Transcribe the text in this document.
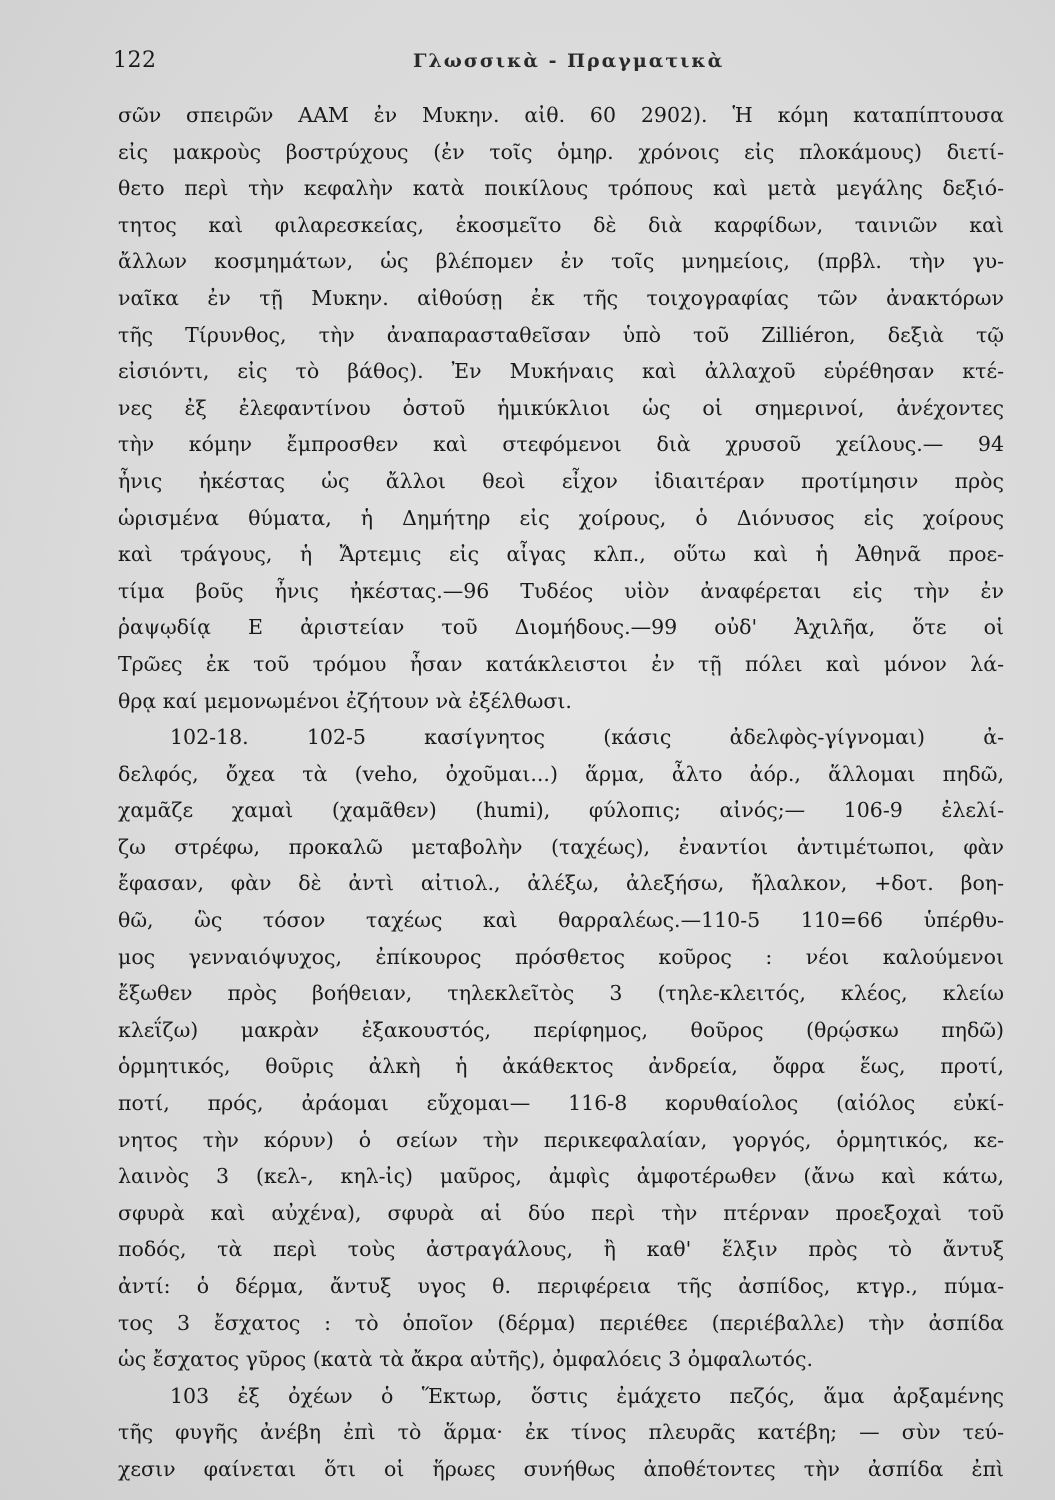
122	Γλωσσικὰ - Πραγματικὰ
σῶν σπειρῶν AAM ἐν Μυκην. αἰθ. 60 2902). Ἡ κόμη καταπίπτουσα
εἰς μακροὺς βοστρύχους (ἐν τοῖς ὁμηρ. χρόνοις εἰς πλοκάμους) διετί-
θετο περὶ τὴν κεφαλὴν κατὰ ποικίλους τρόπους καὶ μετὰ μεγάλης δεξιό-
τητος καὶ φιλαρεσκείας, ἐκοσμεῖτο δὲ διὰ καρφίδων, ταινιῶν καὶ
ἄλλων κοσμημάτων, ὡς βλέπομεν ἐν τοῖς μνημείοις, (πρβλ. τὴν γυ-
ναῖκα ἐν τῇ Μυκην. αἰθούσῃ ἐκ τῆς τοιχογραφίας τῶν ἀνακτόρων
τῆς Τίρυνθος, τὴν ἀναπαρασταθεῖσαν ὑπὸ τοῦ Zilliéron, δεξιὰ τῷ
εἰσιόντι, εἰς τὸ βάθος). Ἐν Μυκήναις καὶ ἀλλαχοῦ εὑρέθησαν κτέ-
νες ἐξ ἐλεφαντίνου ὀστοῦ ἡμικύκλιοι ὡς οἱ σημερινοί, ἀνέχοντες
τὴν κόμην ἔμπροσθεν καὶ στεφόμενοι διὰ χρυσοῦ χείλους.— 94
ἦνις ἠκέστας ὡς ἄλλοι θεοὶ εἶχον ἰδιαιτέραν προτίμησιν πρὸς
ὡρισμένα θύματα, ἡ Δημήτηρ εἰς χοίρους, ὁ Διόνυσος εἰς χοίρους
καὶ τράγους, ἡ Ἄρτεμις εἰς αἶγας κλπ., οὕτω καὶ ἡ Ἀθηνᾶ προε-
τίμα βοῦς ἦνις ἠκέστας.—96 Τυδέος υἱὸν ἀναφέρεται εἰς τὴν ἐν
ῥαψῳδίᾳ Ε ἀριστείαν τοῦ Διομήδους.—99 οὐδ' Ἀχιλῆα, ὅτε οἱ
Τρῶες ἐκ τοῦ τρόμου ἦσαν κατάκλειστοι ἐν τῇ πόλει καὶ μόνον λά-
θρᾳ καί μεμονωμένοι ἐζήτουν νὰ ἐξέλθωσι.
102-18. 102-5 κασίγνητος (κάσις ἀδελφὸς-γίγνομαι) ἀ-
δελφός, ὄχεα τὰ (veho, ὀχοῦμαι...) ἅρμα, ἆλτο ἀόρ., ἅλλομαι πηδῶ,
χαμᾶζε χαμαὶ (χαμᾶθεν) (humi), φύλοπις; αἰνός;— 106-9 ἐλελί-
ζω στρέφω, προκαλῶ μεταβολὴν (ταχέως), ἐναντίοι ἀντιμέτωποι, φὰν
ἔφασαν, φὰν δὲ ἀντὶ αἰτιολ., ἀλέξω, ἀλεξήσω, ἤλαλκον, +δοτ. βοη-
θῶ, ὣς τόσον ταχέως καὶ θαρραλέως.—110-5 110=66 ὑπέρθυ-
μος γενναιόψυχος, ἐπίκουρος πρόσθετος κοῦρος : νέοι καλούμενοι
ἔξωθεν πρὸς βοήθειαν, τηλεκλεῖτὸς 3 (τηλε-κλειτός, κλέος, κλείω
κλεΐζω) μακρὰν ἐξακουστός, περίφημος, θοῦρος (θρῴσκω πηδῶ)
ὁρμητικός, θοῦρις ἀλκὴ ἡ ἀκάθεκτος ἀνδρεία, ὄφρα ἕως, προτί,
ποτί, πρός, ἀράομαι εὔχομαι— 116-8 κορυθαίολος (αἰόλος εὐκί-
νητος τὴν κόρυν) ὁ σείων τὴν περικεφαλαίαν, γοργός, ὁρμητικός, κε-
λαινὸς 3 (κελ-, κηλ-ἰς) μαῦρος, ἀμφὶς ἀμφοτέρωθεν (ἄνω καὶ κάτω,
σφυρὰ καὶ αὐχένα), σφυρὰ αἱ δύο περὶ τὴν πτέρναν προεξοχαὶ τοῦ
ποδός, τὰ περὶ τοὺς ἀστραγάλους, ἢ καθ' ἕλξιν πρὸς τὸ ἄντυξ
ἀντί: ὁ δέρμα, ἄντυξ υγος θ. περιφέρεια τῆς ἀσπίδος, κτγρ., πύμα-
τος 3 ἔσχατος : τὸ ὁποῖον (δέρμα) περιέθεε (περιέβαλλε) τὴν ἀσπίδα
ὡς ἔσχατος γῦρος (κατὰ τὰ ἄκρα αὐτῆς), ὀμφαλόεις 3 ὀμφαλωτός.
103 ἐξ ὀχέων ὁ Ἕκτωρ, ὅστις ἐμάχετο πεζός, ἅμα ἀρξαμένης
τῆς φυγῆς ἀνέβη ἐπὶ τὸ ἅρμα· ἐκ τίνος πλευρᾶς κατέβη; — σὺν τεύ-
χεσιν φαίνεται ὅτι οἱ ἥρωες συνήθως ἀποθέτοντες τὴν ἀσπίδα ἐπὶ
